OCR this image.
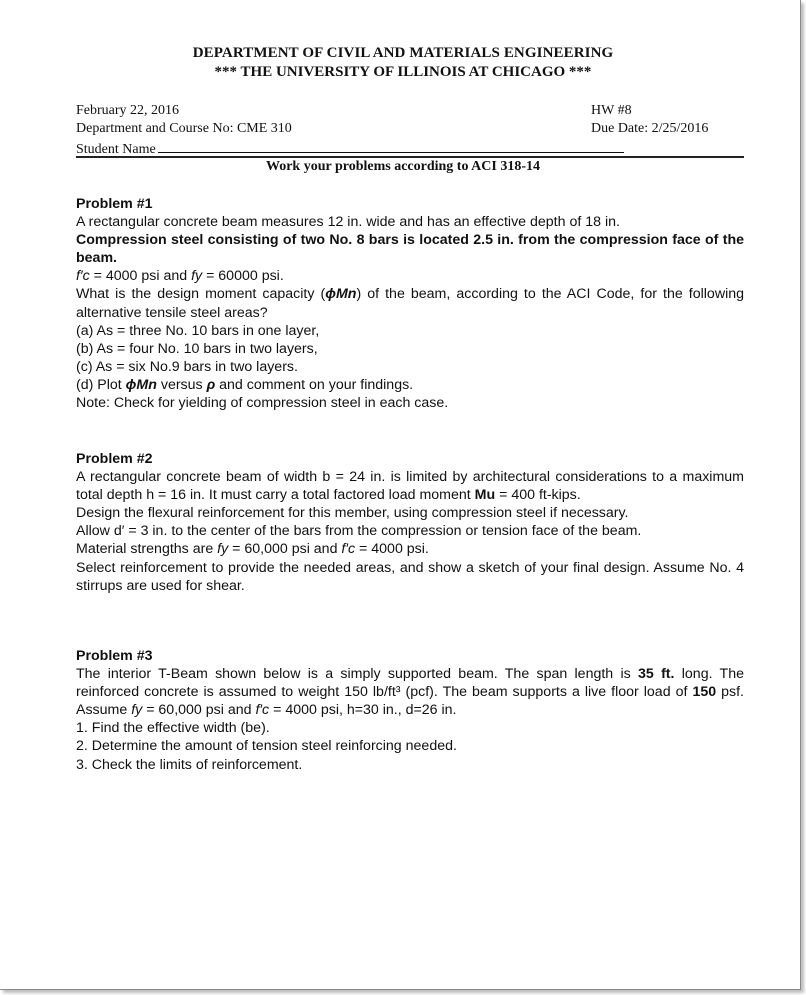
DEPARTMENT OF CIVIL AND MATERIALS ENGINEERING
*** THE UNIVERSITY OF ILLINOIS AT CHICAGO ***
February 22, 2016
Department and Course No: CME 310
Student Name
HW #8
Due Date: 2/25/2016
Work your problems according to ACI 318-14

Problem #1

A rectangular concrete beam measures 12 in. wide and has an effective depth of 18 in.

Compression steel consisting of two No. 8 bars is located 2.5 in. from the compression face of the beam.

f′c = 4000 psi and fy = 60000 psi.

What is the design moment capacity (ϕMn) of the beam, according to the ACI Code, for the following alternative tensile steel areas?

(a) As = three No. 10 bars in one layer,

(b) As = four No. 10 bars in two layers,

(c) As = six No.9 bars in two layers.

(d) Plot ϕMn versus ρ and comment on your findings.

Note: Check for yielding of compression steel in each case.

Problem #2

A rectangular concrete beam of width b = 24 in. is limited by architectural considerations to a maximum total depth h = 16 in. It must carry a total factored load moment Mu = 400 ft-kips.

Design the flexural reinforcement for this member, using compression steel if necessary.

Allow d′ = 3 in. to the center of the bars from the compression or tension face of the beam.

Material strengths are fy = 60,000 psi and f′c = 4000 psi.

Select reinforcement to provide the needed areas, and show a sketch of your final design. Assume No. 4 stirrups are used for shear.

Problem #3

The interior T-Beam shown below is a simply supported beam. The span length is 35 ft. long. The reinforced concrete is assumed to weight 150 lb/ft³ (pcf). The beam supports a live floor load of 150 psf. Assume fy = 60,000 psi and f′c = 4000 psi, h=30 in., d=26 in.

1. Find the effective width (be).

2. Determine the amount of tension steel reinforcing needed.

3. Check the limits of reinforcement.
